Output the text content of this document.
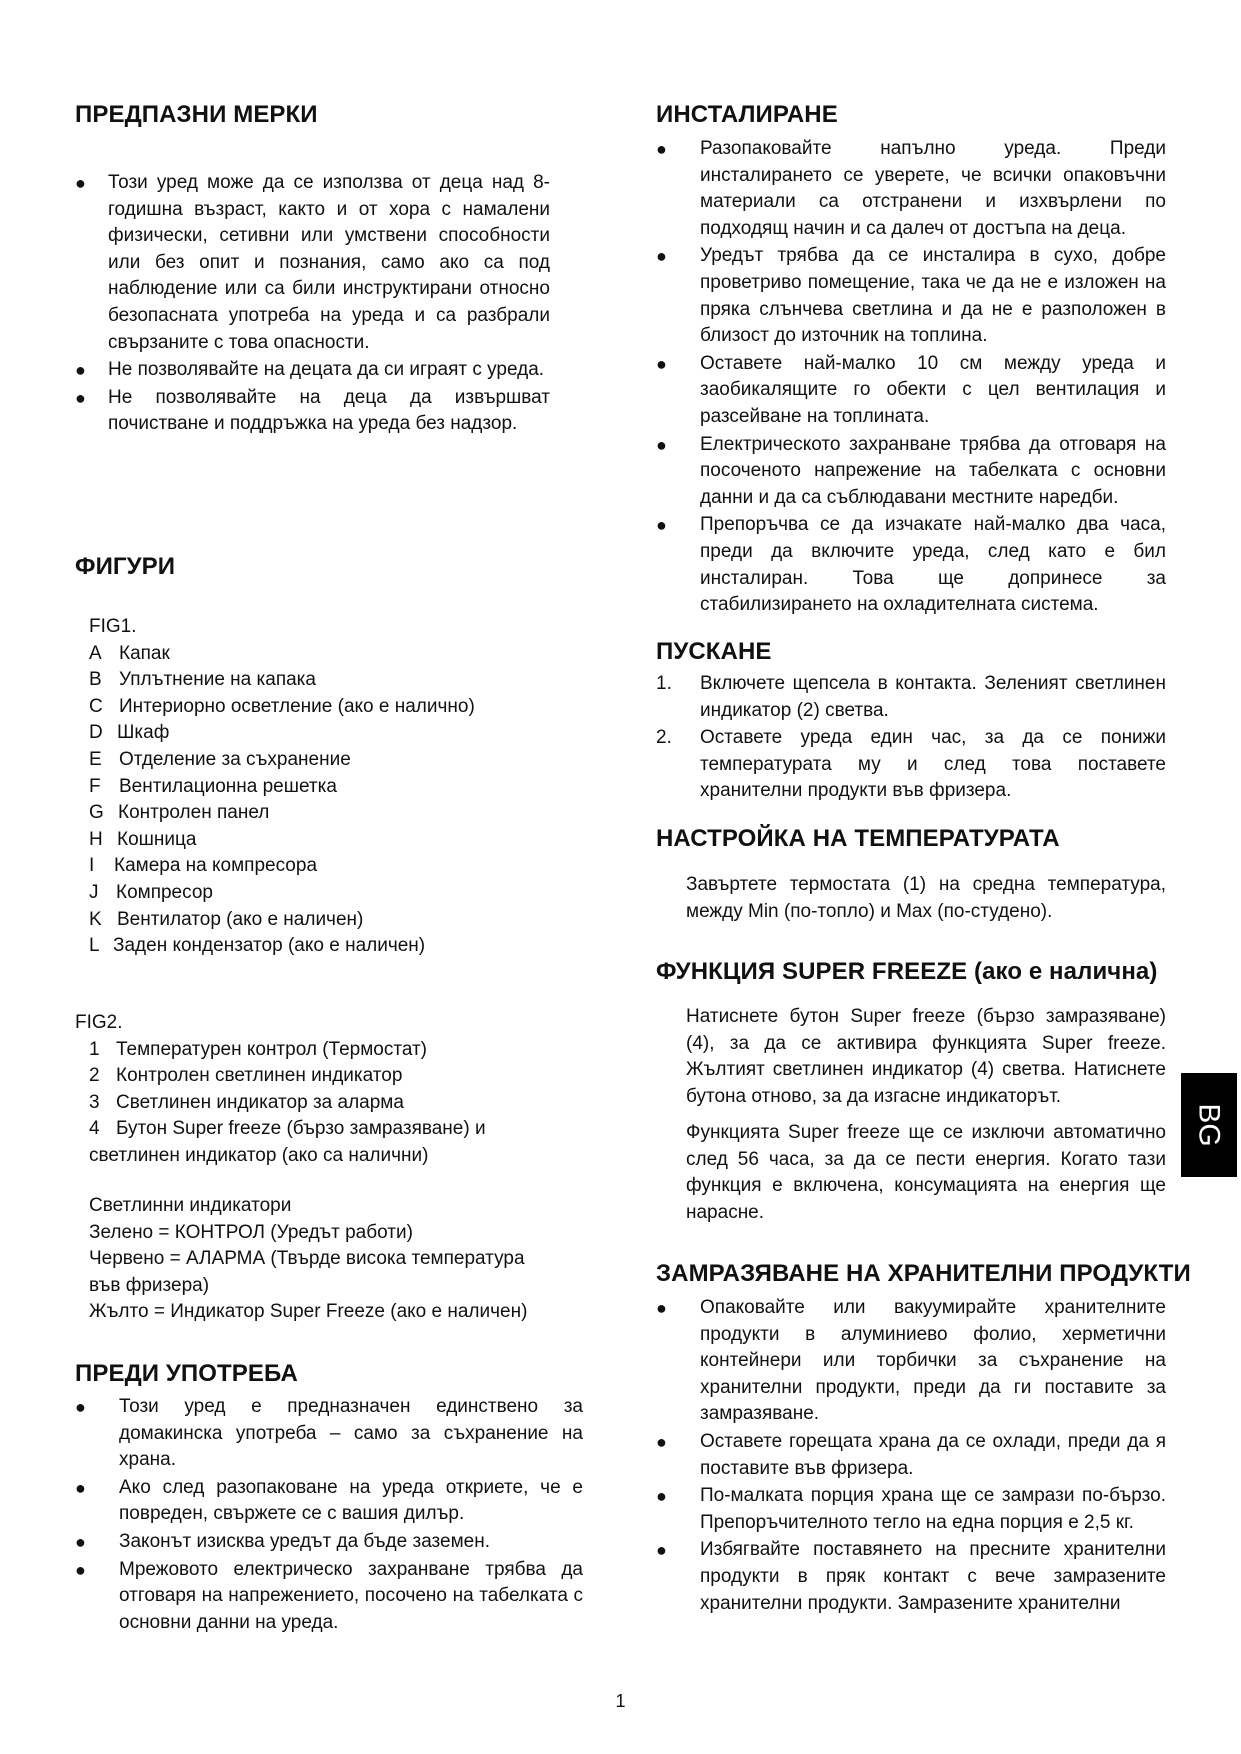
ПРЕДПАЗНИ МЕРКИ
● Този уред може да се използва от деца над 8-годишна възраст, както и от хора с намалени физически, сетивни или умствени способности или без опит и познания, само ако са под наблюдение или са били инструктирани относно безопасната употреба на уреда и са разбрали свързаните с това опасности.
● Не позволявайте на децата да си играят с уреда.
● Не позволявайте на деца да извършват почистване и поддръжка на уреда без надзор.
ФИГУРИ
FIG1.
A Капак
B Уплътнение на капака
C Интериорно осветление (ако е налично)
D Шкаф
E Отделение за съхранение
F Вентилационна решетка
G Контролен панел
H Кошница
I	Камера на компресора
J Компресор
K Вентилатор (ако е наличен)
L Заден кондензатор (ако е наличен)
FIG2.
1 Температурен контрол (Термостат)
2 Контролен светлинен индикатор
3 Светлинен индикатор за аларма
4 Бутон Super freeze (бързо замразяване) и
светлинен индикатор (ако са налични)
Светлинни индикатори
Зелено = КОНТРОЛ (Уредът работи)
Червено = АЛАРМА (Твърде висока температура
във фризера)
Жълто = Индикатор Super Freeze (ако е наличен)
ПРЕДИ УПОТРЕБА
● Този уред е предназначен единствено за домакинска употреба – само за съхранение на храна.
● Ако след разопаковане на уреда откриете, че е повреден, свържете се с вашия дилър.
● Законът изисква уредът да бъде заземен.
● Мрежовото електрическо захранване трябва да отговаря на напрежението, посочено на табелката с основни данни на уреда.
ИНСТАЛИРАНЕ
● Разопаковайте напълно уреда. Преди инсталирането се уверете, че всички опаковъчни материали са отстранени и изхвърлени по подходящ начин и са далеч от достъпа на деца.
● Уредът трябва да се инсталира в сухо, добре проветриво помещение, така че да не е изложен на пряка слънчева светлина и да не е разположен в близост до източник на топлина.
● Оставете най-малко 10 см между уреда и заобикалящите го обекти с цел вентилация и разсейване на топлината.
● Електрическото захранване трябва да отговаря на посоченото напрежение на табелката с основни данни и да са съблюдавани местните наредби.
● Препоръчва се да изчакате най-малко два часа, преди да включите уреда, след като е бил инсталиран. Това ще допринесе за стабилизирането на охладителната система.
ПУСКАНЕ
1. Включете щепсела в контакта. Зеленият светлинен индикатор (2) светва.
2. Оставете уреда един час, за да се понижи температурата му и след това поставете хранителни продукти във фризера.
НАСТРОЙКА НА ТЕМПЕРАТУРАТА

Завъртете термостата (1) на средна температура, между Min (по-топло) и Max (по-студено).

ФУНКЦИЯ SUPER FREEZE (ако е налична)

Натиснете бутон Super freeze (бързо замразяване) (4), за да се активира функцията Super freeze. Жълтият светлинен индикатор (4) светва. Натиснете бутона отново, за да изгасне индикаторът.

Функцията Super freeze ще се изключи автоматично след 56 часа, за да се пести енергия. Когато тази функция е включена, консумацията на енергия ще нарасне.

ЗАМРАЗЯВАНЕ НА ХРАНИТЕЛНИ ПРОДУКТИ
● Опаковайте или вакуумирайте хранителните продукти в алуминиево фолио, херметични контейнери или торбички за съхранение на хранителни продукти, преди да ги поставите за замразяване.
● Оставете горещата храна да се охлади, преди да я поставите във фризера.
● По-малката порция храна ще се замрази по-бързо. Препоръчителното тегло на една порция е 2,5 кг.
● Избягвайте поставянето на пресните хранителни продукти в пряк контакт с вече замразените хранителни продукти. Замразените хранителни
BG
1
